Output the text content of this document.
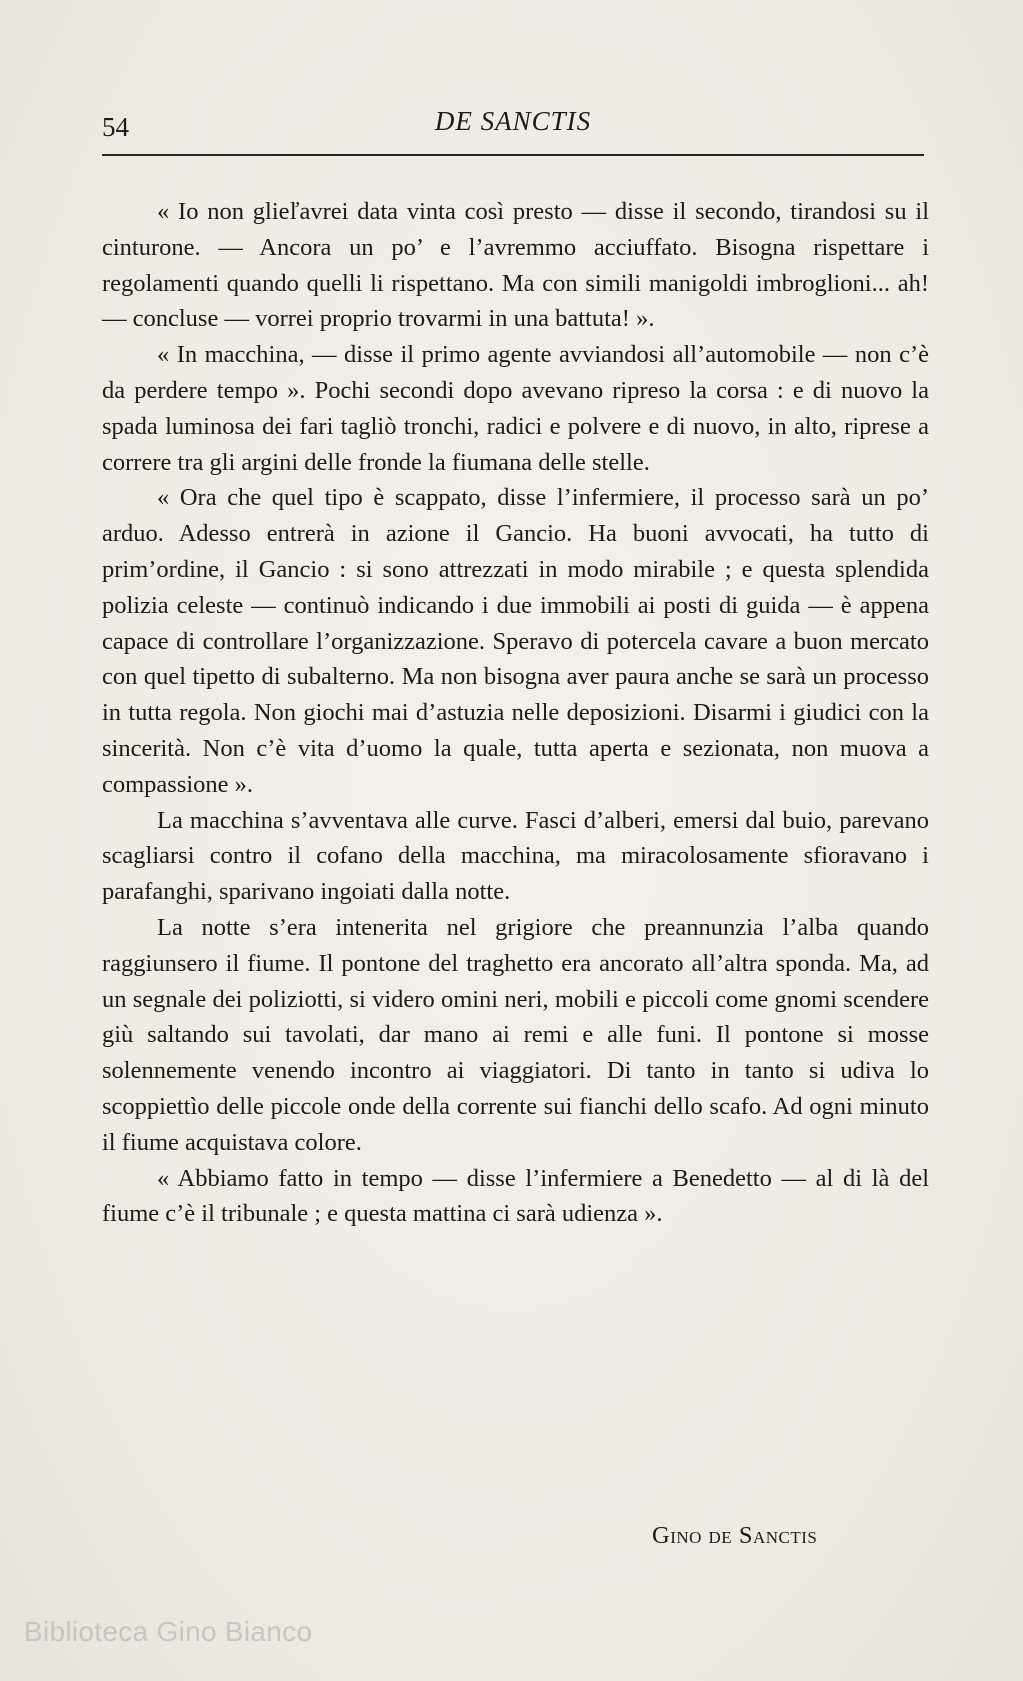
54	DE SANCTIS

« Io non glieľavrei data vinta così presto — disse il secondo, tirandosi su il cinturone. — Ancora un po’ e l’avremmo acciuffato. Bisogna rispettare i regolamenti quando quelli li rispettano. Ma con simili manigoldi imbroglioni... ah! — concluse — vorrei proprio trovarmi in una battuta! ».

« In macchina, — disse il primo agente avviandosi all’automobile — non c’è da perdere tempo ». Pochi secondi dopo avevano ripreso la corsa : e di nuovo la spada luminosa dei fari tagliò tronchi, radici e polvere e di nuovo, in alto, riprese a correre tra gli argini delle fronde la fiumana delle stelle.

« Ora che quel tipo è scappato, disse l’infermiere, il processo sarà un po’ arduo. Adesso entrerà in azione il Gancio. Ha buoni avvocati, ha tutto di prim’ordine, il Gancio : si sono attrezzati in modo mirabile ; e questa splendida polizia celeste — continuò indicando i due immobili ai posti di guida — è appena capace di controllare l’organizzazione. Speravo di potercela cavare a buon mercato con quel tipetto di subalterno. Ma non bisogna aver paura anche se sarà un processo in tutta regola. Non giochi mai d’astuzia nelle deposizioni. Disarmi i giudici con la sincerità. Non c’è vita d’uomo la quale, tutta aperta e sezionata, non muova a compassione ».

La macchina s’avventava alle curve. Fasci d’alberi, emersi dal buio, parevano scagliarsi contro il cofano della macchina, ma miracolosamente sfioravano i parafanghi, sparivano ingoiati dalla notte.

La notte s’era intenerita nel grigiore che preannunzia l’alba quando raggiunsero il fiume. Il pontone del traghetto era ancorato all’altra sponda. Ma, ad un segnale dei poliziotti, si videro omini neri, mobili e piccoli come gnomi scendere giù saltando sui tavolati, dar mano ai remi e alle funi. Il pontone si mosse solennemente venendo incontro ai viaggiatori. Di tanto in tanto si udiva lo scoppiettìo delle piccole onde della corrente sui fianchi dello scafo. Ad ogni minuto il fiume acquistava colore.

« Abbiamo fatto in tempo — disse l’infermiere a Benedetto — al di là del fiume c’è il tribunale ; e questa mattina ci sarà udienza ».

Gino de Sanctis
Biblioteca Gino Bianco
